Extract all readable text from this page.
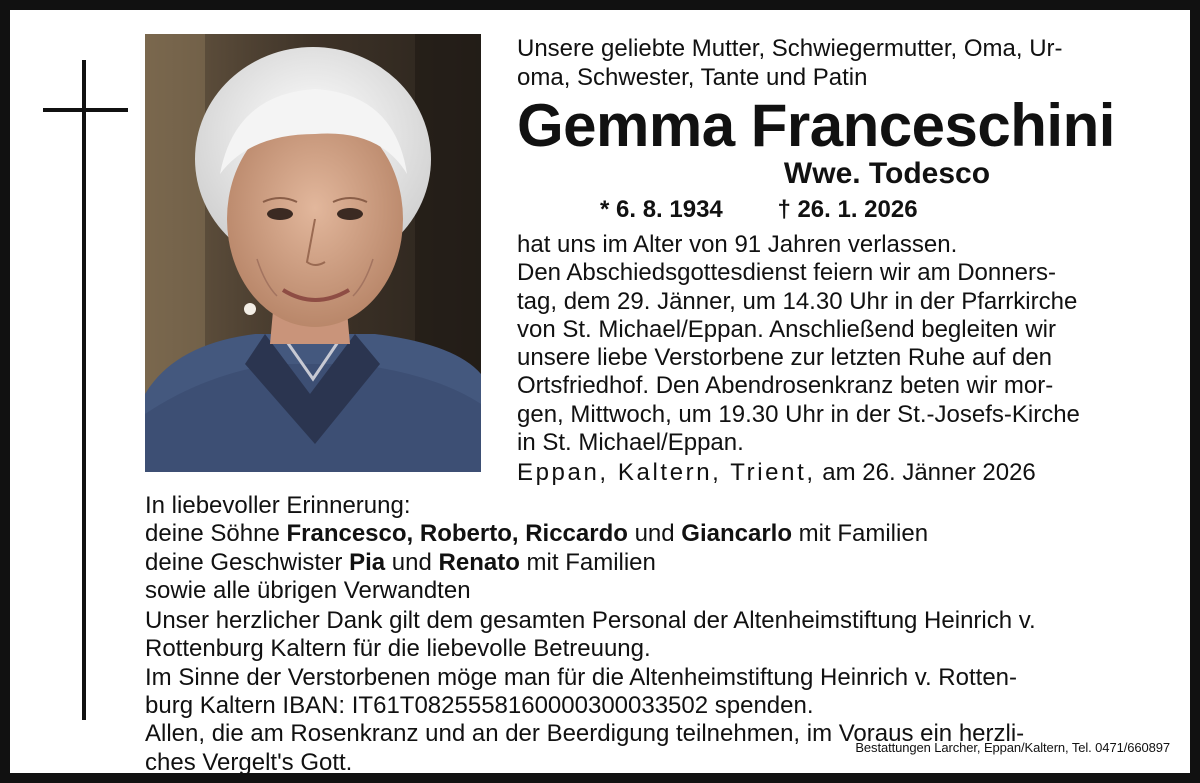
Unsere geliebte Mutter, Schwiegermutter, Oma, Ur-
oma, Schwester, Tante und Patin
Gemma Franceschini
Wwe. Todesco
* 6. 8. 1934 † 26. 1. 2026

hat uns im Alter von 91 Jahren verlassen.

Den Abschiedsgottesdienst feiern wir am Donners-

tag, dem 29. Jänner, um 14.30 Uhr in der Pfarrkirche

von St. Michael/Eppan. Anschließend begleiten wir

unsere liebe Verstorbene zur letzten Ruhe auf den

Ortsfriedhof. Den Abendrosenkranz beten wir mor-

gen, Mittwoch, um 19.30 Uhr in der St.-Josefs-Kirche

in St. Michael/Eppan.

Eppan, Kaltern, Trient, am 26. Jänner 2026

In liebevoller Erinnerung:

deine Söhne Francesco, Roberto, Riccardo und Giancarlo mit Familien

deine Geschwister Pia und Renato mit Familien

sowie alle übrigen Verwandten

Unser herzlicher Dank gilt dem gesamten Personal der Altenheimstiftung Heinrich v.

Rottenburg Kaltern für die liebevolle Betreuung.

Im Sinne der Verstorbenen möge man für die Altenheimstiftung Heinrich v. Rotten-

burg Kaltern IBAN: IT61T0825558160000300033502 spenden.

Allen, die am Rosenkranz und an der Beerdigung teilnehmen, im Voraus ein herzli-

ches Vergelt's Gott.

Bestattungen Larcher, Eppan/Kaltern, Tel. 0471/660897
